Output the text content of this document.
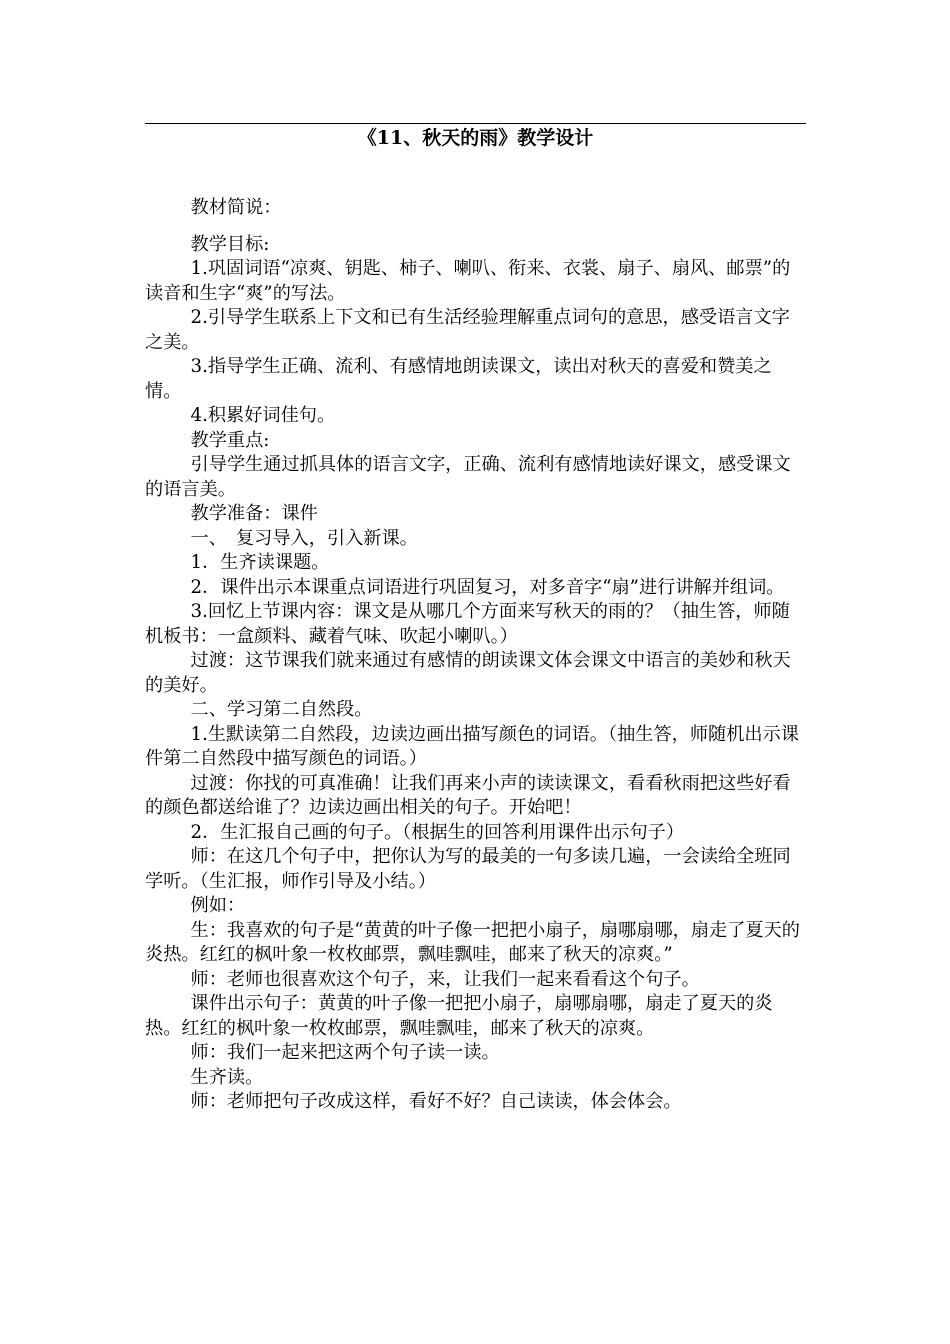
《11、秋天的雨》教学设计

教材简说：

教学目标:

1.巩固词语“凉爽、钥匙、柿子、喇叭、衔来、衣裳、扇子、扇风、邮票”的读音和生字“爽”的写法。

2.引导学生联系上下文和已有生活经验理解重点词句的意思，感受语言文字之美。

3.指导学生正确、流利、有感情地朗读课文，读出对秋天的喜爱和赞美之情。

4.积累好词佳句。

教学重点:

引导学生通过抓具体的语言文字，正确、流利有感情地读好课文，感受课文的语言美。

教学准备：课件

一、　复习导入，引入新课。

1．生齐读课题。

2．课件出示本课重点词语进行巩固复习，对多音字“扇”进行讲解并组词。

3.回忆上节课内容：课文是从哪几个方面来写秋天的雨的？（抽生答，师随机板书：一盒颜料、藏着气味、吹起小喇叭。）

过渡：这节课我们就来通过有感情的朗读课文体会课文中语言的美妙和秋天的美好。

二、学习第二自然段。

1.生默读第二自然段，边读边画出描写颜色的词语。（抽生答，师随机出示课件第二自然段中描写颜色的词语。）

过渡：你找的可真准确！让我们再来小声的读读课文，看看秋雨把这些好看的颜色都送给谁了？边读边画出相关的句子。开始吧！

2．生汇报自己画的句子。（根据生的回答利用课件出示句子）

师：在这几个句子中，把你认为写的最美的一句多读几遍，一会读给全班同学听。（生汇报，师作引导及小结。）

例如：

生：我喜欢的句子是“黄黄的叶子像一把把小扇子，扇哪扇哪，扇走了夏天的炎热。红红的枫叶象一枚枚邮票，飘哇飘哇，邮来了秋天的凉爽。”

师：老师也很喜欢这个句子，来，让我们一起来看看这个句子。

课件出示句子：黄黄的叶子像一把把小扇子，扇哪扇哪，扇走了夏天的炎热。红红的枫叶象一枚枚邮票，飘哇飘哇，邮来了秋天的凉爽。

师：我们一起来把这两个句子读一读。

生齐读。

师：老师把句子改成这样，看好不好？自己读读，体会体会。
